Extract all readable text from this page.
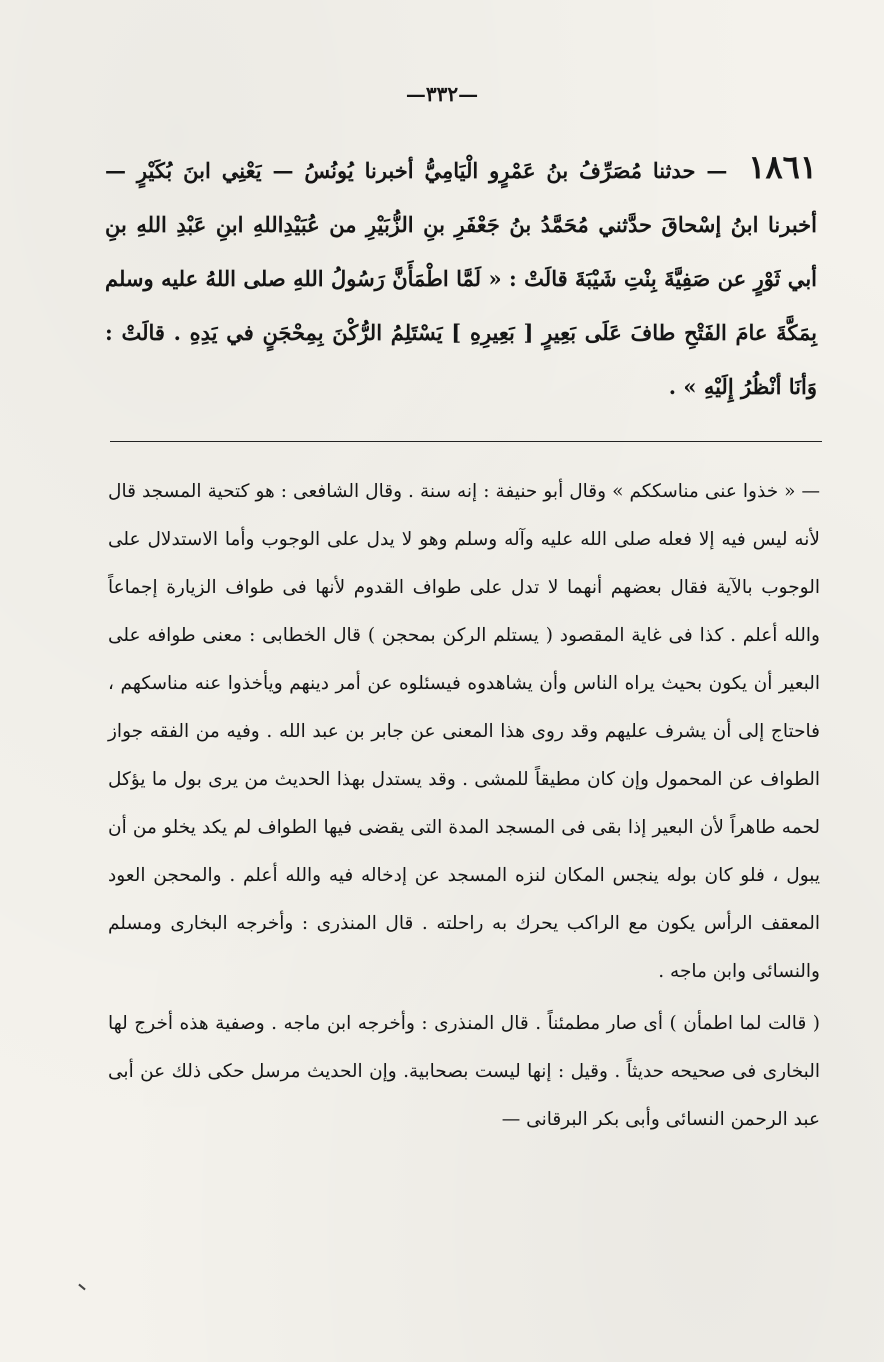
—٣٣٢—
١٨٦١ — حدثنا مُصَرِّفُ بنُ عَمْرٍو الْيَامِيُّ أخبرنا يُونُسُ — يَعْنِي ابنَ بُكَيْرٍ — أخبرنا ابنُ إسْحاقَ حدَّثني مُحَمَّدُ بنُ جَعْفَرِ بنِ الزُّبَيْرِ من عُبَيْدِاللهِ ابنِ عَبْدِ اللهِ بنِ أبي ثَوْرٍ عن صَفِيَّةَ بِنْتِ شَيْبَةَ قالَتْ : « لَمَّا اطْمَأَنَّ رَسُولُ اللهِ صلى اللهُ عليه وسلم بِمَكَّةَ عامَ الفَتْحِ طافَ عَلَى بَعِيرٍ [ بَعِيرِهِ ] يَسْتَلِمُ الرُّكْنَ بِمِحْجَنٍ في يَدِهِ . قالَتْ : وَأنَا أنْظُرُ إِلَيْهِ » .

— « خذوا عنى مناسككم » وقال أبو حنيفة : إنه سنة . وقال الشافعى : هو كتحية المسجد قال لأنه ليس فيه إلا فعله صلى الله عليه وآله وسلم وهو لا يدل على الوجوب وأما الاستدلال على الوجوب بالآية فقال بعضهم أنهما لا تدل على طواف القدوم لأنها فى طواف الزيارة إجماعاً والله أعلم . كذا فى غاية المقصود ( يستلم الركن بمحجن ) قال الخطابى : معنى طوافه على البعير أن يكون بحيث يراه الناس وأن يشاهدوه فيسئلوه عن أمر دينهم ويأخذوا عنه مناسكهم ، فاحتاج إلى أن يشرف عليهم وقد روى هذا المعنى عن جابر بن عبد الله . وفيه من الفقه جواز الطواف عن المحمول وإن كان مطيقاً للمشى . وقد يستدل بهذا الحديث من يرى بول ما يؤكل لحمه طاهراً لأن البعير إذا بقى فى المسجد المدة التى يقضى فيها الطواف لم يكد يخلو من أن يبول ، فلو كان بوله ينجس المكان لنزه المسجد عن إدخاله فيه والله أعلم . والمحجن العود المعقف الرأس يكون مع الراكب يحرك به راحلته . قال المنذرى : وأخرجه البخارى ومسلم والنسائى وابن ماجه .

( قالت لما اطمأن ) أى صار مطمئناً . قال المنذرى : وأخرجه ابن ماجه . وصفية هذه أخرج لها البخارى فى صحيحه حديثاً . وقيل : إنها ليست بصحابية. وإن الحديث مرسل حكى ذلك عن أبى عبد الرحمن النسائى وأبى بكر البرقانى —
